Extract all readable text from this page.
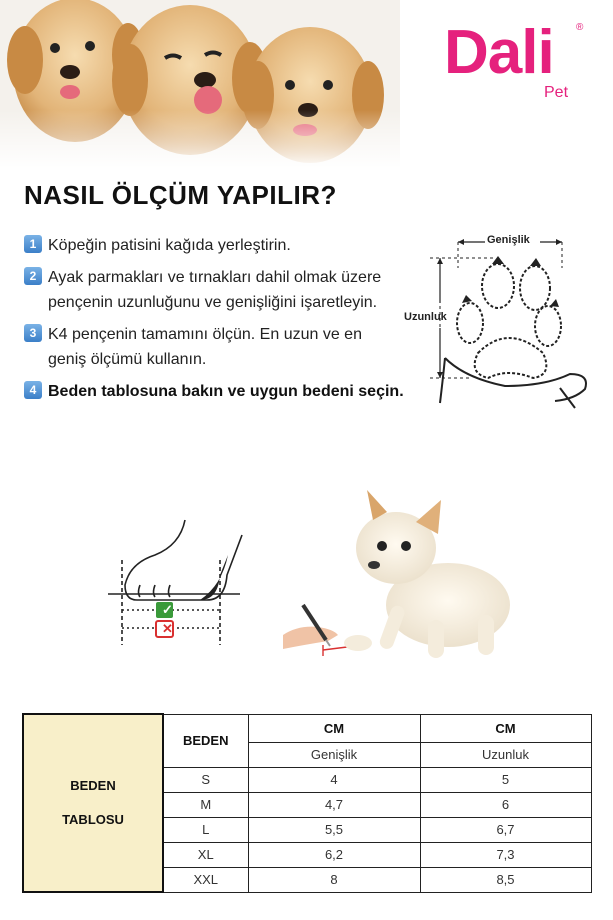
Dali ®
Pet
NASIL ÖLÇÜM YAPILIR?
1 Köpeğin patisini kağıda yerleştirin.
2 Ayak parmakları ve tırnakları dahil olmak üzere pençenin uzunluğunu ve genişliğini işaretleyin.
3 K4 pençenin tamamını ölçün. En uzun ve en geniş ölçümü kullanın.
4 Beden tablosuna bakın ve uygun bedeni seçin.
Genişlik
Uzunluk
✓
✕
BEDEN
TABLOSU	BEDEN	CM	CM
		Genişlik	Uzunluk
	S	4	5
	M	4,7	6
	L	5,5	6,7
	XL	6,2	7,3
	XXL	8	8,5
